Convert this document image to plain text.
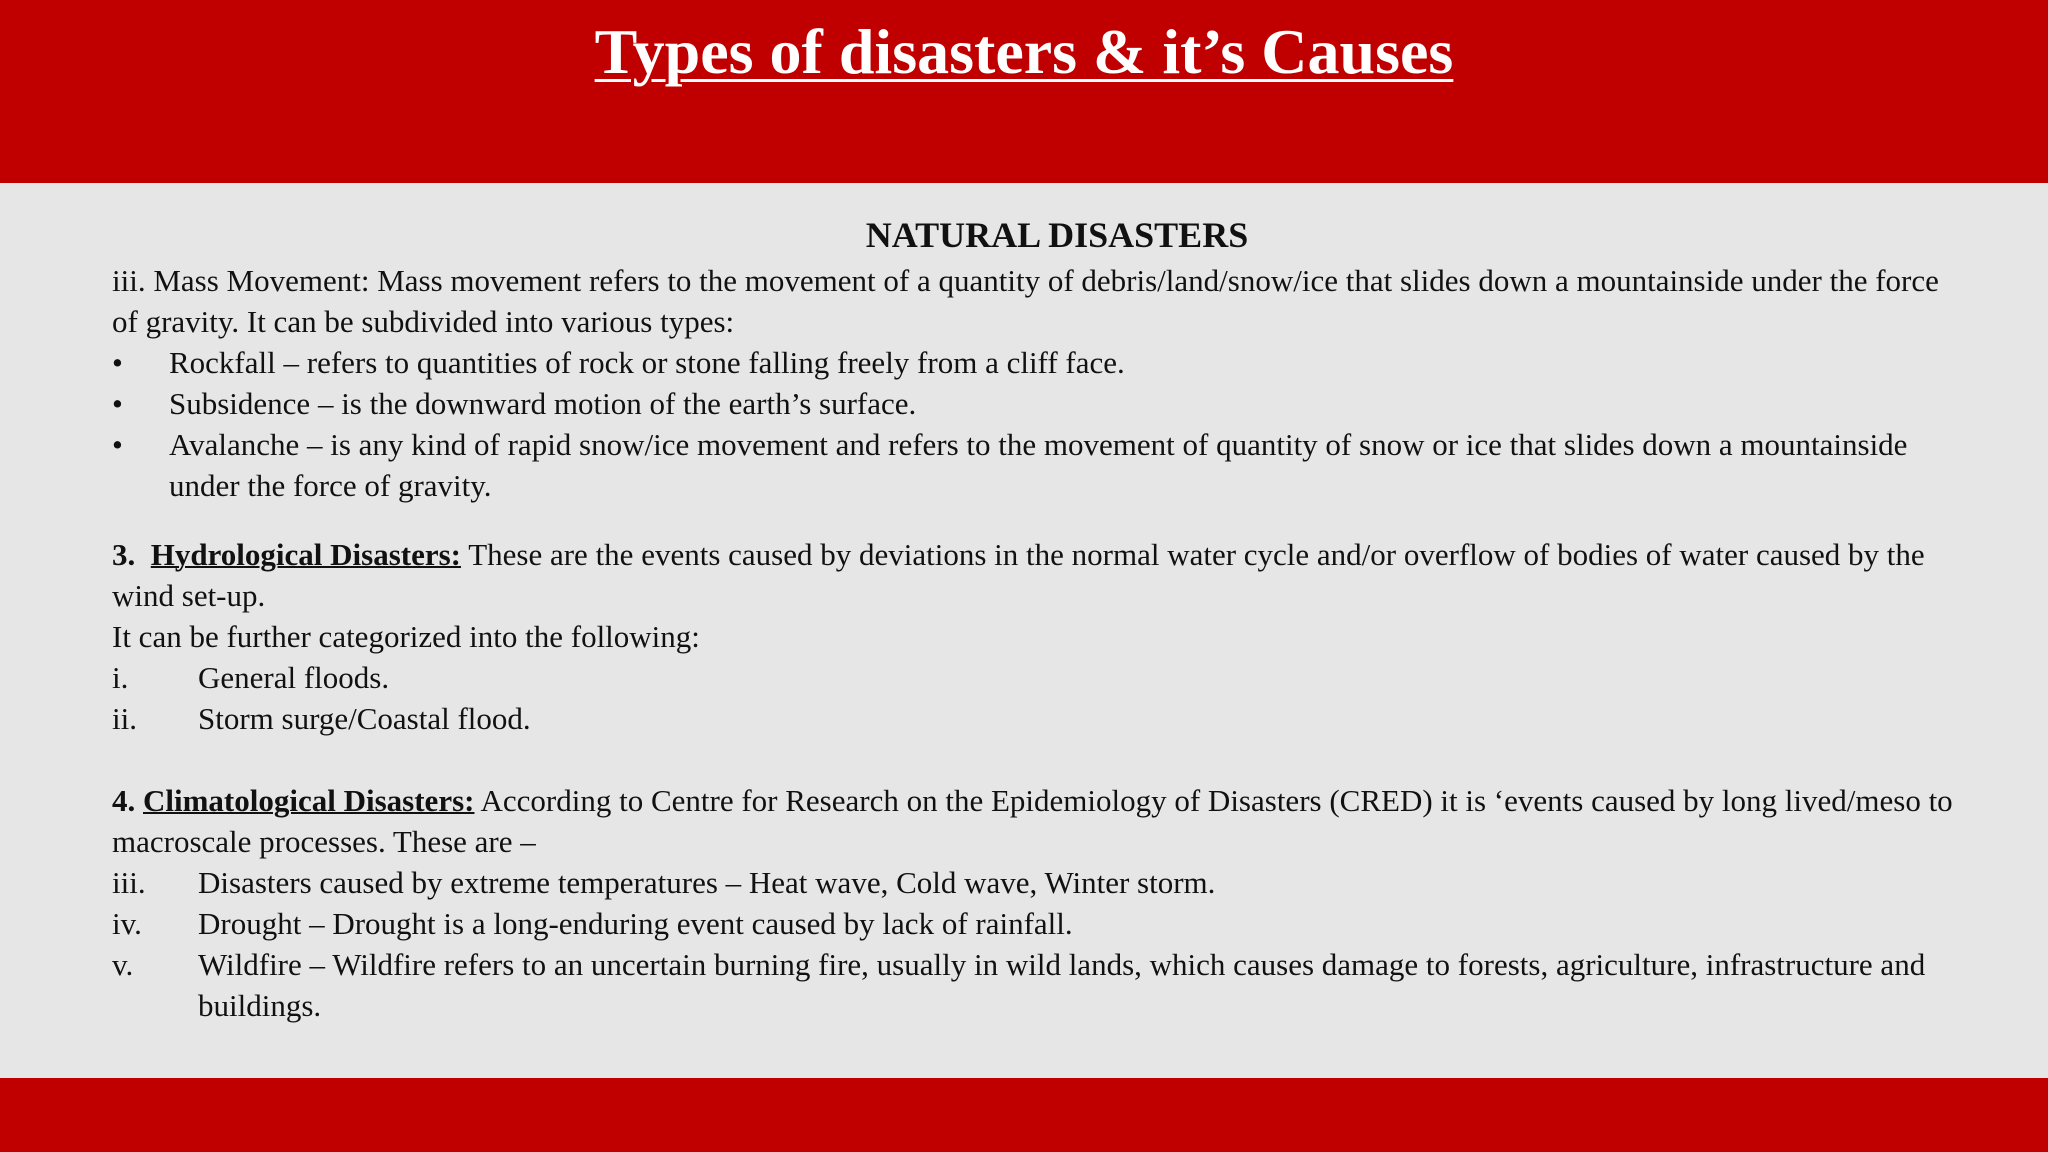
Types of disasters & it’s Causes
NATURAL DISASTERS

iii. Mass Movement: Mass movement refers to the movement of a quantity of debris/land/snow/ice that slides down a mountainside under the force of gravity. It can be subdivided into various types:

•	Rockfall – refers to quantities of rock or stone falling freely from a cliff face.
•	Subsidence – is the downward motion of the earth’s surface.
•	Avalanche – is any kind of rapid snow/ice movement and refers to the movement of quantity of snow or ice that slides down a mountainside under the force of gravity.

3. Hydrological Disasters: These are the events caused by deviations in the normal water cycle and/or overflow of bodies of water caused by the wind set-up.

It can be further categorized into the following:

i.	General floods.
ii.	Storm surge/Coastal flood.

4. Climatological Disasters: According to Centre for Research on the Epidemiology of Disasters (CRED) it is ‘events caused by long lived/meso to macroscale processes. These are –

iii.	Disasters caused by extreme temperatures – Heat wave, Cold wave, Winter storm.
iv.	Drought – Drought is a long-enduring event caused by lack of rainfall.
v.	Wildfire – Wildfire refers to an uncertain burning fire, usually in wild lands, which causes damage to forests, agriculture, infrastructure and buildings.
